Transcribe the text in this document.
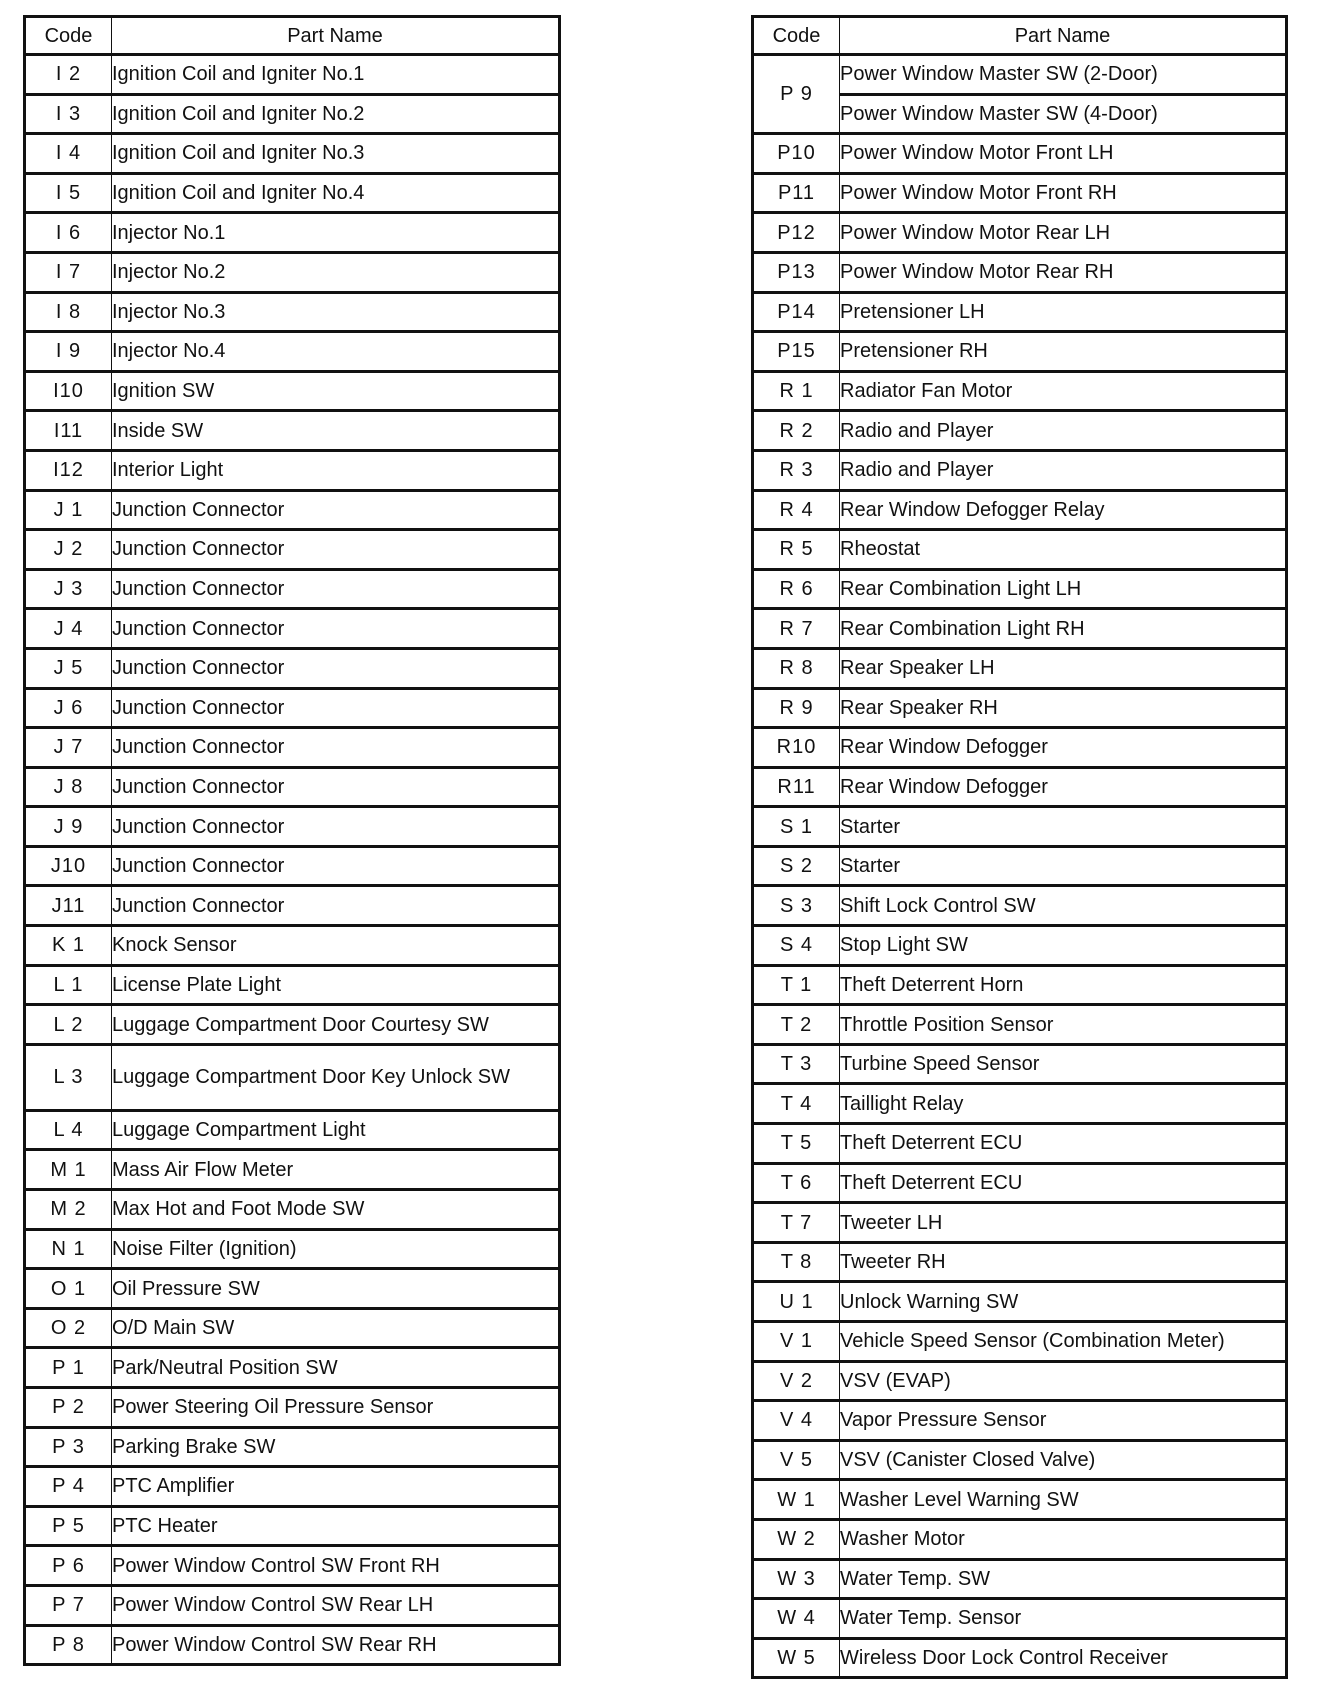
Code	Part Name
I 2	Ignition Coil and Igniter No.1
I 3	Ignition Coil and Igniter No.2
I 4	Ignition Coil and Igniter No.3
I 5	Ignition Coil and Igniter No.4
I 6	Injector No.1
I 7	Injector No.2
I 8	Injector No.3
I 9	Injector No.4
I10	Ignition SW
I11	Inside SW
I12	Interior Light
J 1	Junction Connector
J 2	Junction Connector
J 3	Junction Connector
J 4	Junction Connector
J 5	Junction Connector
J 6	Junction Connector
J 7	Junction Connector
J 8	Junction Connector
J 9	Junction Connector
J10	Junction Connector
J11	Junction Connector
K 1	Knock Sensor
L 1	License Plate Light
L 2	Luggage Compartment Door Courtesy SW
L 3	Luggage Compartment Door Key Unlock SW
L 4	Luggage Compartment Light
M 1	Mass Air Flow Meter
M 2	Max Hot and Foot Mode SW
N 1	Noise Filter (Ignition)
O 1	Oil Pressure SW
O 2	O/D Main SW
P 1	Park/Neutral Position SW
P 2	Power Steering Oil Pressure Sensor
P 3	Parking Brake SW
P 4	PTC Amplifier
P 5	PTC Heater
P 6	Power Window Control SW Front RH
P 7	Power Window Control SW Rear LH
P 8	Power Window Control SW Rear RH
Code	Part Name
P 9	Power Window Master SW (2-Door)
	Power Window Master SW (4-Door)
P10	Power Window Motor Front LH
P11	Power Window Motor Front RH
P12	Power Window Motor Rear LH
P13	Power Window Motor Rear RH
P14	Pretensioner LH
P15	Pretensioner RH
R 1	Radiator Fan Motor
R 2	Radio and Player
R 3	Radio and Player
R 4	Rear Window Defogger Relay
R 5	Rheostat
R 6	Rear Combination Light LH
R 7	Rear Combination Light RH
R 8	Rear Speaker LH
R 9	Rear Speaker RH
R10	Rear Window Defogger
R11	Rear Window Defogger
S 1	Starter
S 2	Starter
S 3	Shift Lock Control SW
S 4	Stop Light SW
T 1	Theft Deterrent Horn
T 2	Throttle Position Sensor
T 3	Turbine Speed Sensor
T 4	Taillight Relay
T 5	Theft Deterrent ECU
T 6	Theft Deterrent ECU
T 7	Tweeter LH
T 8	Tweeter RH
U 1	Unlock Warning SW
V 1	Vehicle Speed Sensor (Combination Meter)
V 2	VSV (EVAP)
V 4	Vapor Pressure Sensor
V 5	VSV (Canister Closed Valve)
W 1	Washer Level Warning SW
W 2	Washer Motor
W 3	Water Temp. SW
W 4	Water Temp. Sensor
W 5	Wireless Door Lock Control Receiver
